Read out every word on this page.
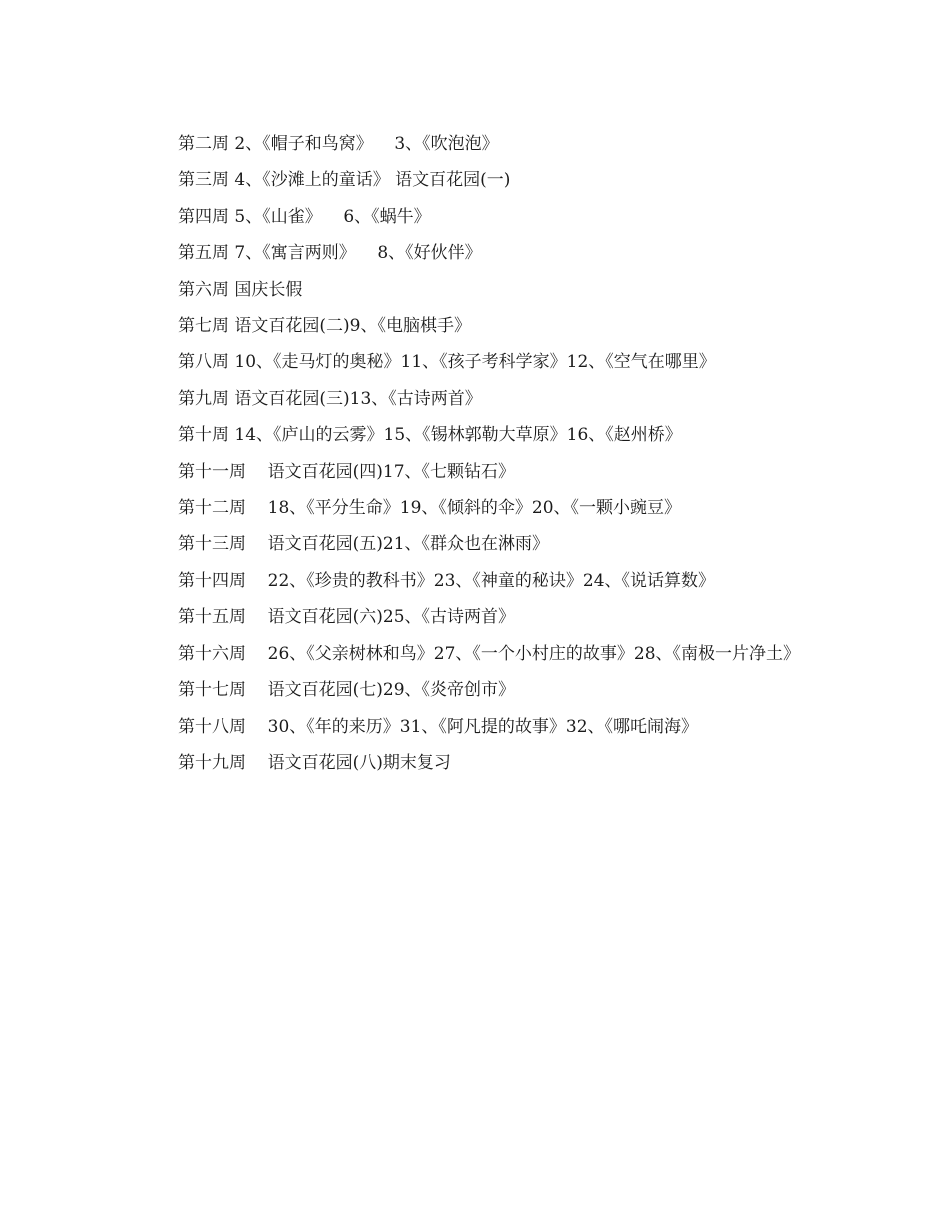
第二周 2、《帽子和鸟窝》    3、《吹泡泡》

第三周 4、《沙滩上的童话》 语文百花园(一)

第四周 5、《山雀》    6、《蜗牛》

第五周 7、《寓言两则》    8、《好伙伴》

第六周 国庆长假

第七周 语文百花园(二)9、《电脑棋手》

第八周 10、《走马灯的奥秘》11、《孩子考科学家》12、《空气在哪里》

第九周 语文百花园(三)13、《古诗两首》

第十周 14、《庐山的云雾》15、《锡林郭勒大草原》16、《赵州桥》

第十一周 语文百花园(四)17、《七颗钻石》

第十二周 18、《平分生命》19、《倾斜的伞》20、《一颗小豌豆》

第十三周 语文百花园(五)21、《群众也在淋雨》

第十四周 22、《珍贵的教科书》23、《神童的秘诀》24、《说话算数》

第十五周 语文百花园(六)25、《古诗两首》

第十六周 26、《父亲树林和鸟》27、《一个小村庄的故事》28、《南极一片净土》

第十七周 语文百花园(七)29、《炎帝创市》

第十八周 30、《年的来历》31、《阿凡提的故事》32、《哪吒闹海》

第十九周 语文百花园(八)期末复习
